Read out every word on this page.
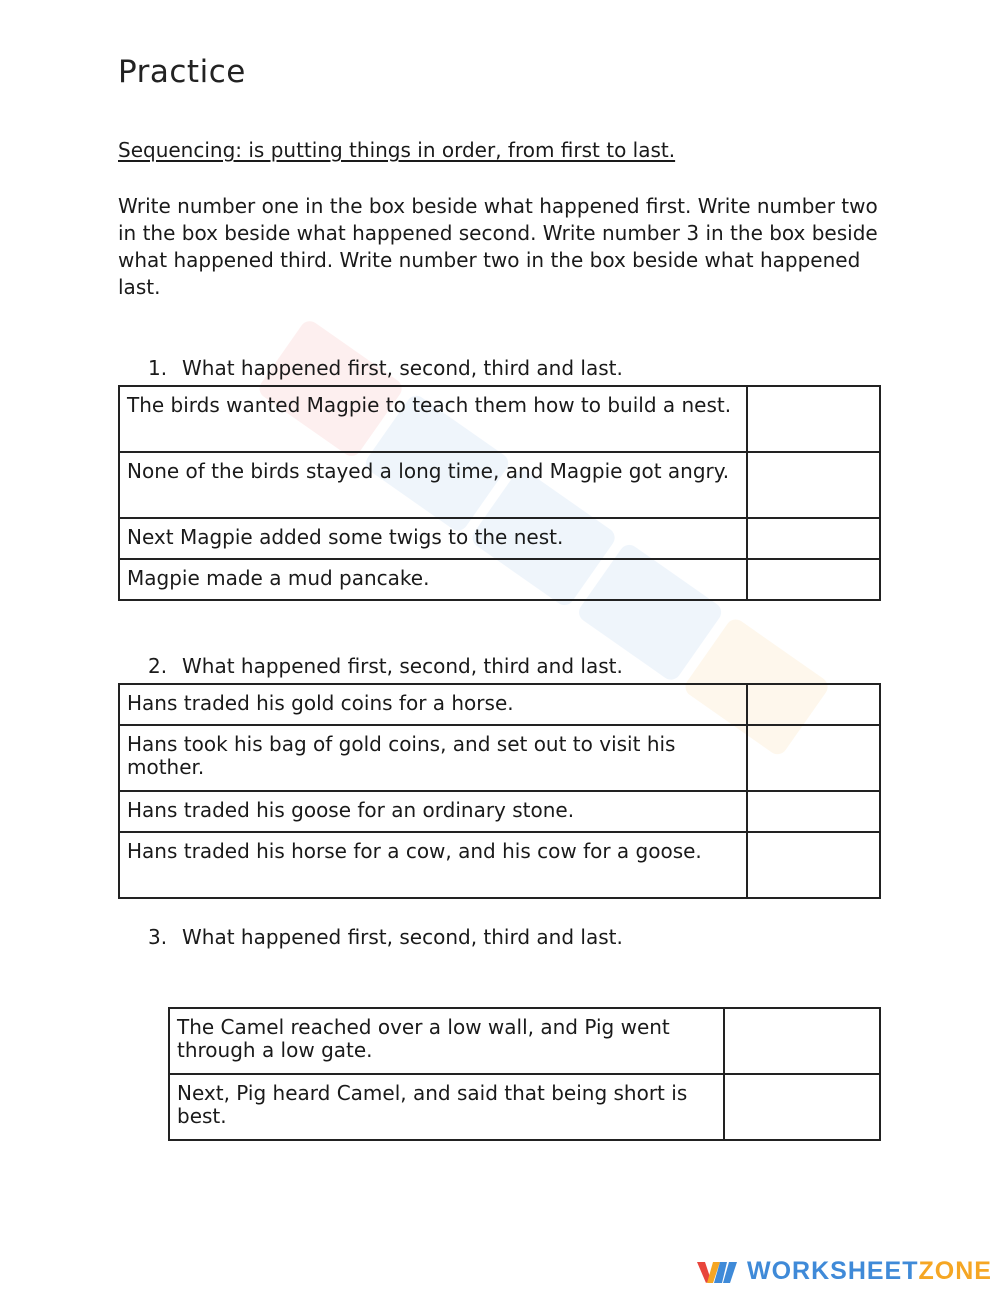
Practice
Sequencing: is putting things in order, from first to last.

Write number one in the box beside what happened first. Write number two in the box beside what happened second. Write number 3 in the box beside what happened third. Write number two in the box beside what happened last.

1. What happened first, second, third and last.
The birds wanted Magpie to teach them how to build a nest.	
None of the birds stayed a long time, and Magpie got angry.	
Next Magpie added some twigs to the nest.	
Magpie made a mud pancake.	
2. What happened first, second, third and last.
Hans traded his gold coins for a horse.	
Hans took his bag of gold coins, and set out to visit his mother.	
Hans traded his goose for an ordinary stone.	
Hans traded his horse for a cow, and his cow for a goose.	
3. What happened first, second, third and last.
The Camel reached over a low wall, and Pig went through a low gate.	
Next, Pig heard Camel, and said that being short is best.	
WORKSHEETZONE
